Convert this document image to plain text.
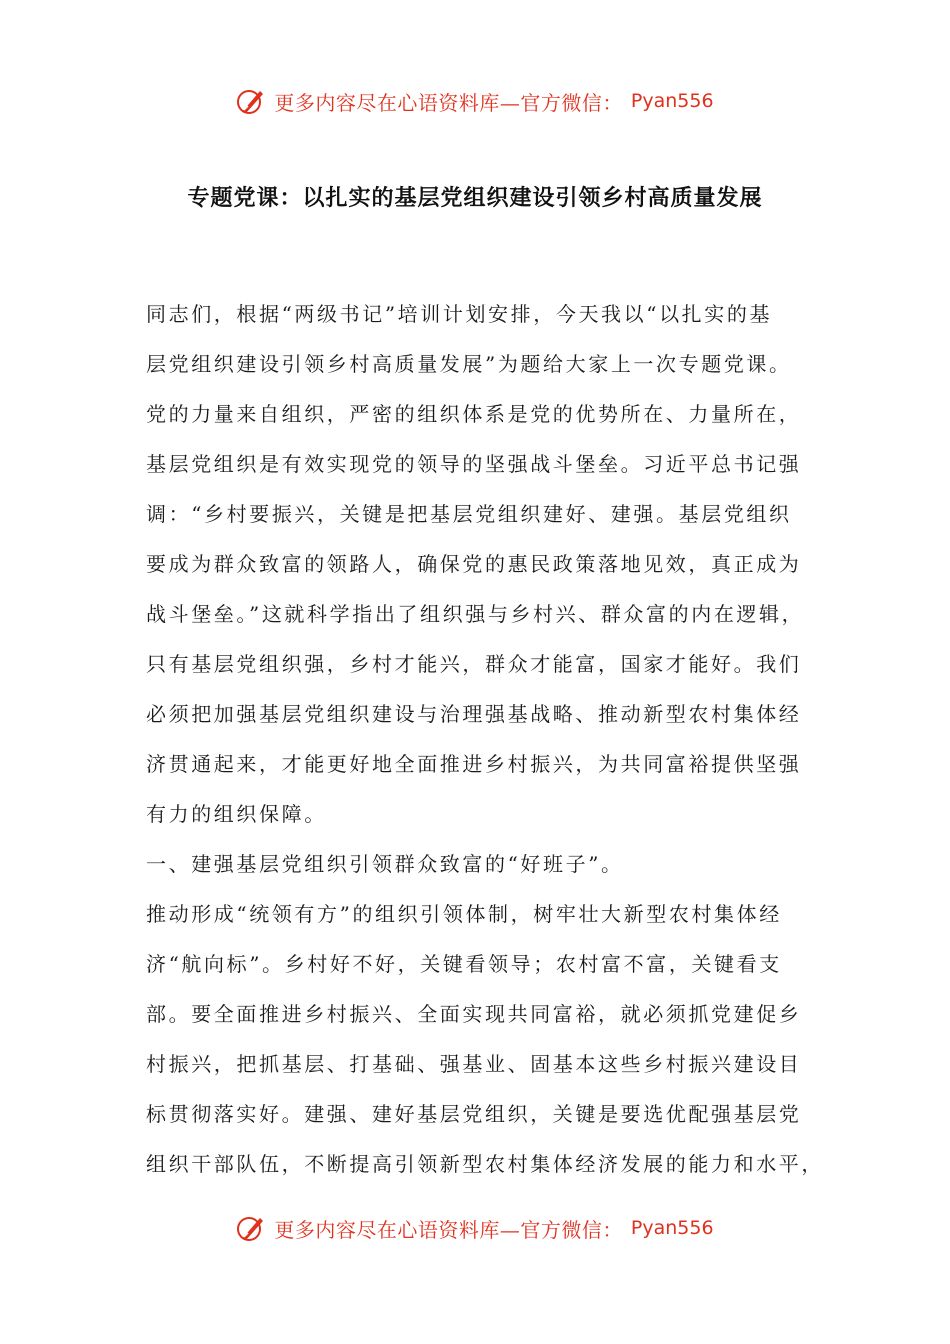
更多内容尽在心语资料库—官方微信： Pyan556
专题党课：以扎实的基层党组织建设引领乡村高质量发展
同志们，根据“两级书记”培训计划安排，今天我以“以扎实的基
层党组织建设引领乡村高质量发展”为题给大家上一次专题党课。
党的力量来自组织，严密的组织体系是党的优势所在、力量所在，
基层党组织是有效实现党的领导的坚强战斗堡垒。习近平总书记强
调：“乡村要振兴，关键是把基层党组织建好、建强。基层党组织
要成为群众致富的领路人，确保党的惠民政策落地见效，真正成为
战斗堡垒。”这就科学指出了组织强与乡村兴、群众富的内在逻辑，
只有基层党组织强，乡村才能兴，群众才能富，国家才能好。我们
必须把加强基层党组织建设与治理强基战略、推动新型农村集体经
济贯通起来，才能更好地全面推进乡村振兴，为共同富裕提供坚强
有力的组织保障。
一、建强基层党组织引领群众致富的“好班子”。
推动形成“统领有方”的组织引领体制，树牢壮大新型农村集体经
济“航向标”。乡村好不好，关键看领导；农村富不富，关键看支
部。要全面推进乡村振兴、全面实现共同富裕，就必须抓党建促乡
村振兴，把抓基层、打基础、强基业、固基本这些乡村振兴建设目
标贯彻落实好。建强、建好基层党组织，关键是要选优配强基层党
组织干部队伍，不断提高引领新型农村集体经济发展的能力和水平，
更多内容尽在心语资料库—官方微信： Pyan556
